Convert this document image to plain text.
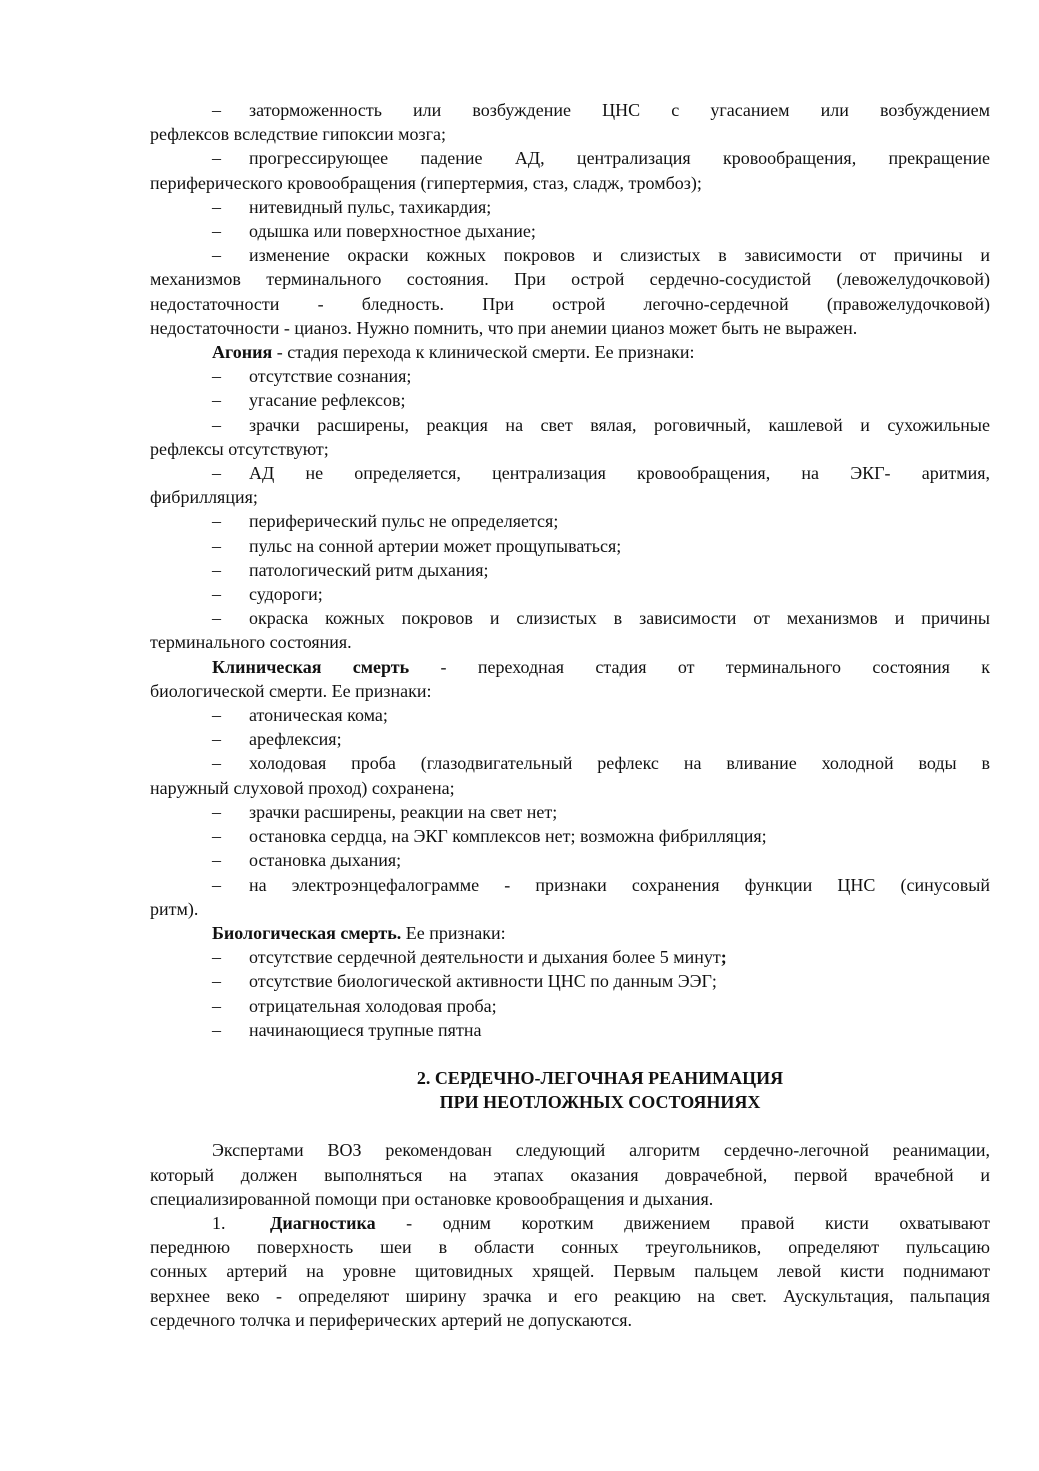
– заторможенность или возбуждение ЦНС с угасанием или возбуждением

рефлексов вследствие гипоксии мозга;

– прогрессирующее падение АД, централизация кровообращения, прекращение

периферического кровообращения (гипертермия, стаз, сладж, тромбоз);

– нитевидный пульс, тахикардия;

– одышка или поверхностное дыхание;

– изменение окраски кожных покровов и слизистых в зависимости от причины и

механизмов терминального состояния. При острой сердечно-сосудистой (левожелудочковой)

недостаточности - бледность. При острой легочно-сердечной (правожелудочковой)

недостаточности - цианоз. Нужно помнить, что при анемии цианоз может быть не выражен.

Агония - стадия перехода к клинической смерти. Ее признаки:

– отсутствие сознания;

– угасание рефлексов;

– зрачки расширены, реакция на свет вялая, роговичный, кашлевой и сухожильные

рефлексы отсутствуют;

– АД не определяется, централизация кровообращения, на ЭКГ- аритмия,

фибрилляция;

– периферический пульс не определяется;

– пульс на сонной артерии может прощупываться;

– патологический ритм дыхания;

– судороги;

– окраска кожных покровов и слизистых в зависимости от механизмов и причины

терминального состояния.

Клиническая смерть - переходная стадия от терминального состояния к

биологической смерти. Ее признаки:

– атоническая кома;

– арефлексия;

– холодовая проба (глазодвигательный рефлекс на вливание холодной воды в

наружный слуховой проход) сохранена;

– зрачки расширены, реакции на свет нет;

– остановка сердца, на ЭКГ комплексов нет; возможна фибрилляция;

– остановка дыхания;

– на электроэнцефалограмме - признаки сохранения функции ЦНС (синусовый

ритм).

Биологическая смерть. Ее признаки:

– отсутствие сердечной деятельности и дыхания более 5 минут;

– отсутствие биологической активности ЦНС по данным ЭЭГ;

– отрицательная холодовая проба;

– начинающиеся трупные пятна

2. СЕРДЕЧНО-ЛЕГОЧНАЯ РЕАНИМАЦИЯ

ПРИ НЕОТЛОЖНЫХ СОСТОЯНИЯХ

Экспертами ВОЗ рекомендован следующий алгоритм сердечно-легочной реанимации,

который должен выполняться на этапах оказания доврачебной, первой врачебной и

специализированной помощи при остановке кровообращения и дыхания.

1. Диагностика - одним коротким движением правой кисти охватывают

переднюю поверхность шеи в области сонных треугольников, определяют пульсацию

сонных артерий на уровне щитовидных хрящей. Первым пальцем левой кисти поднимают

верхнее веко - определяют ширину зрачка и его реакцию на свет. Аускультация, пальпация

сердечного толчка и периферических артерий не допускаются.
